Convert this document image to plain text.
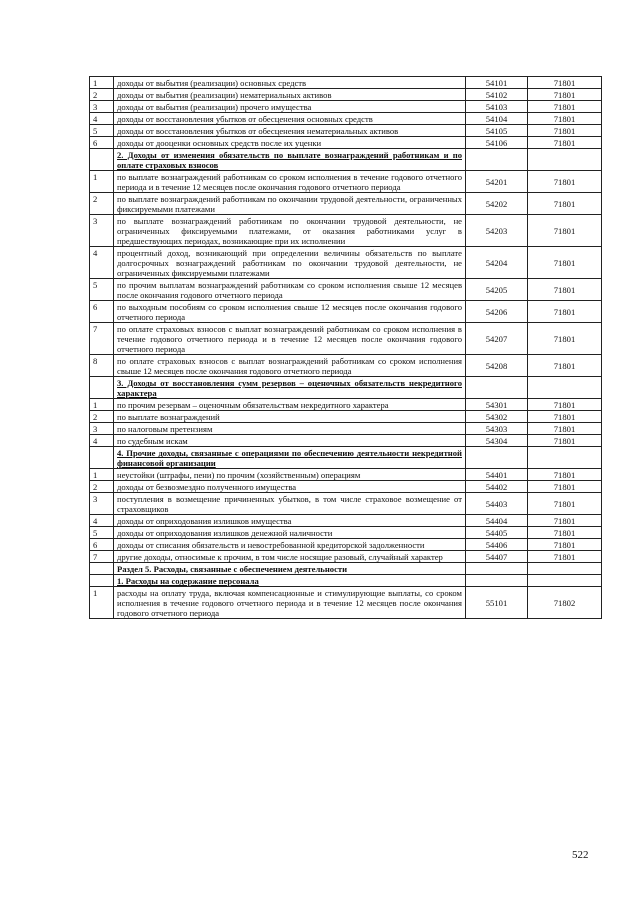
1	доходы от выбытия (реализации) основных средств	54101	71801
2	доходы от выбытия (реализации) нематериальных активов	54102	71801
3	доходы от выбытия (реализации) прочего имущества	54103	71801
4	доходы от восстановления убытков от обесценения основных средств	54104	71801
5	доходы от восстановления убытков от обесценения нематериальных активов	54105	71801
6	доходы от дооценки основных средств после их уценки	54106	71801
	2. Доходы от изменения обязательств по выплате вознаграждений работникам и по оплате страховых взносов		
1	по выплате вознаграждений работникам со сроком исполнения в течение годового отчетного периода и в течение 12 месяцев после окончания годового отчетного периода	54201	71801
2	по выплате вознаграждений работникам по окончании трудовой деятельности, ограниченных фиксируемыми платежами	54202	71801
3	по выплате вознаграждений работникам по окончании трудовой деятельности, не ограниченных фиксируемыми платежами, от оказания работниками услуг в предшествующих периодах, возникающие при их исполнении	54203	71801
4	процентный доход, возникающий при определении величины обязательств по выплате долгосрочных вознаграждений работникам по окончании трудовой деятельности, не ограниченных фиксируемыми платежами	54204	71801
5	по прочим выплатам вознаграждений работникам со сроком исполнения свыше 12 месяцев после окончания годового отчетного периода	54205	71801
6	по выходным пособиям со сроком исполнения свыше 12 месяцев после окончания годового отчетного периода	54206	71801
7	по оплате страховых взносов с выплат вознаграждений работникам со сроком исполнения в течение годового отчетного периода и в течение 12 месяцев после окончания годового отчетного периода	54207	71801
8	по оплате страховых взносов с выплат вознаграждений работникам со сроком исполнения свыше 12 месяцев после окончания годового отчетного периода	54208	71801
	3. Доходы от восстановления сумм резервов – оценочных обязательств некредитного характера		
1	по прочим резервам – оценочным обязательствам некредитного характера	54301	71801
2	по выплате вознаграждений	54302	71801
3	по налоговым претензиям	54303	71801
4	по судебным искам	54304	71801
	4. Прочие доходы, связанные с операциями по обеспечению деятельности некредитной финансовой организации		
1	неустойки (штрафы, пени) по прочим (хозяйственным) операциям	54401	71801
2	доходы от безвозмездно полученного имущества	54402	71801
3	поступления в возмещение причиненных убытков, в том числе страховое возмещение от страховщиков	54403	71801
4	доходы от оприходования излишков имущества	54404	71801
5	доходы от оприходования излишков денежной наличности	54405	71801
6	доходы от списания обязательств и невостребованной кредиторской задолженности	54406	71801
7	другие доходы, относимые к прочим, в том числе носящие разовый, случайный характер	54407	71801
	Раздел 5. Расходы, связанные с обеспечением деятельности		
	1. Расходы на содержание персонала		
1	расходы на оплату труда, включая компенсационные и стимулирующие выплаты, со сроком исполнения в течение годового отчетного периода и в течение 12 месяцев после окончания годового отчетного периода	55101	71802
522
